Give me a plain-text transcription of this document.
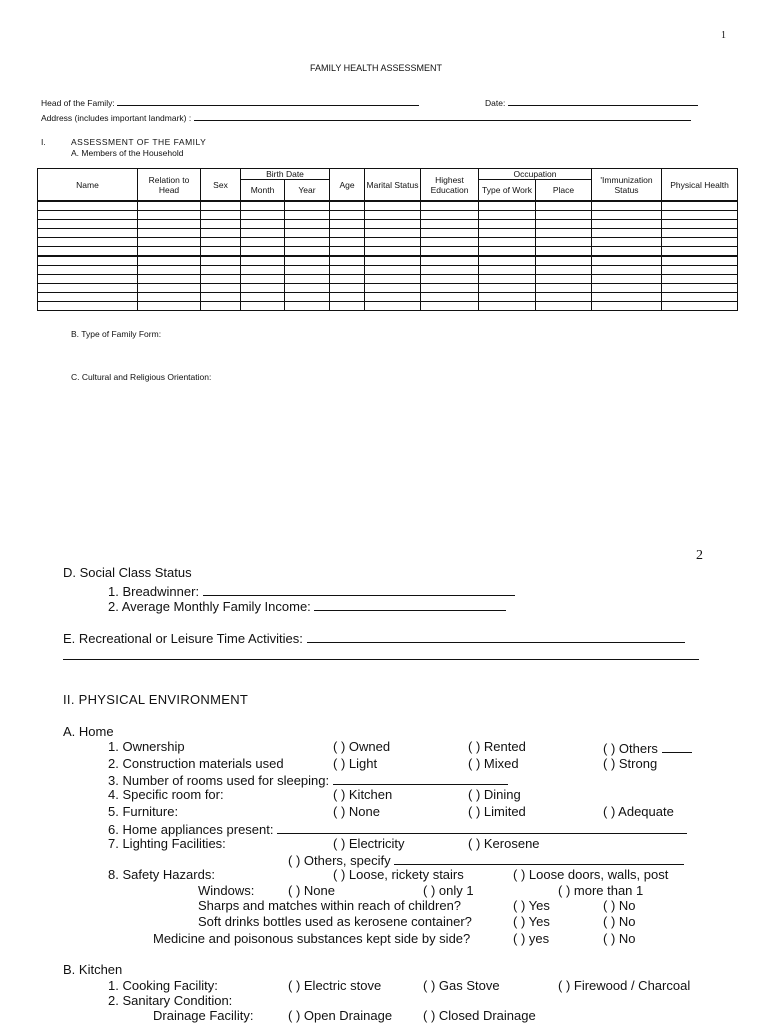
1
FAMILY HEALTH ASSESSMENT
Head of the Family:	Date:
Address (includes important landmark) :
I.	ASSESSMENT OF THE FAMILY
A. Members of the Household
Name	Relation to Head	Sex	Birth Date		Age	Marital Status	Highest Education	Occupation		'Immunization Status	Physical Health
			Month	Year				Type of Work	Place		

B. Type of Family Form:
C. Cultural and Religious Orientation:
2
D. Social Class Status
1. Breadwinner:
2. Average Monthly Family Income:
E. Recreational or Leisure Time Activities:
II. PHYSICAL ENVIRONMENT
A. Home
1. Ownership	( ) Owned	( ) Rented	( ) Others
2. Construction materials used	( ) Light	( ) Mixed	( ) Strong
3. Number of rooms used for sleeping:
4. Specific room for:	( ) Kitchen	( ) Dining
5. Furniture:	( ) None	( ) Limited	( ) Adequate
6. Home appliances present:
7. Lighting Facilities:	( ) Electricity	( ) Kerosene
( ) Others, specify
8. Safety Hazards:	( ) Loose, rickety stairs	( ) Loose doors, walls, post
Windows:	( ) None	( ) only 1	( ) more than 1
Sharps and matches within reach of children?	( ) Yes	( ) No
Soft drinks bottles used as kerosene container?	( ) Yes	( ) No
Medicine and poisonous substances kept side by side?	( ) yes	( ) No
B. Kitchen
1. Cooking Facility:	( ) Electric stove	( ) Gas Stove	( ) Firewood / Charcoal
2. Sanitary Condition:
Drainage Facility:	( ) Open Drainage ( ) Closed Drainage
